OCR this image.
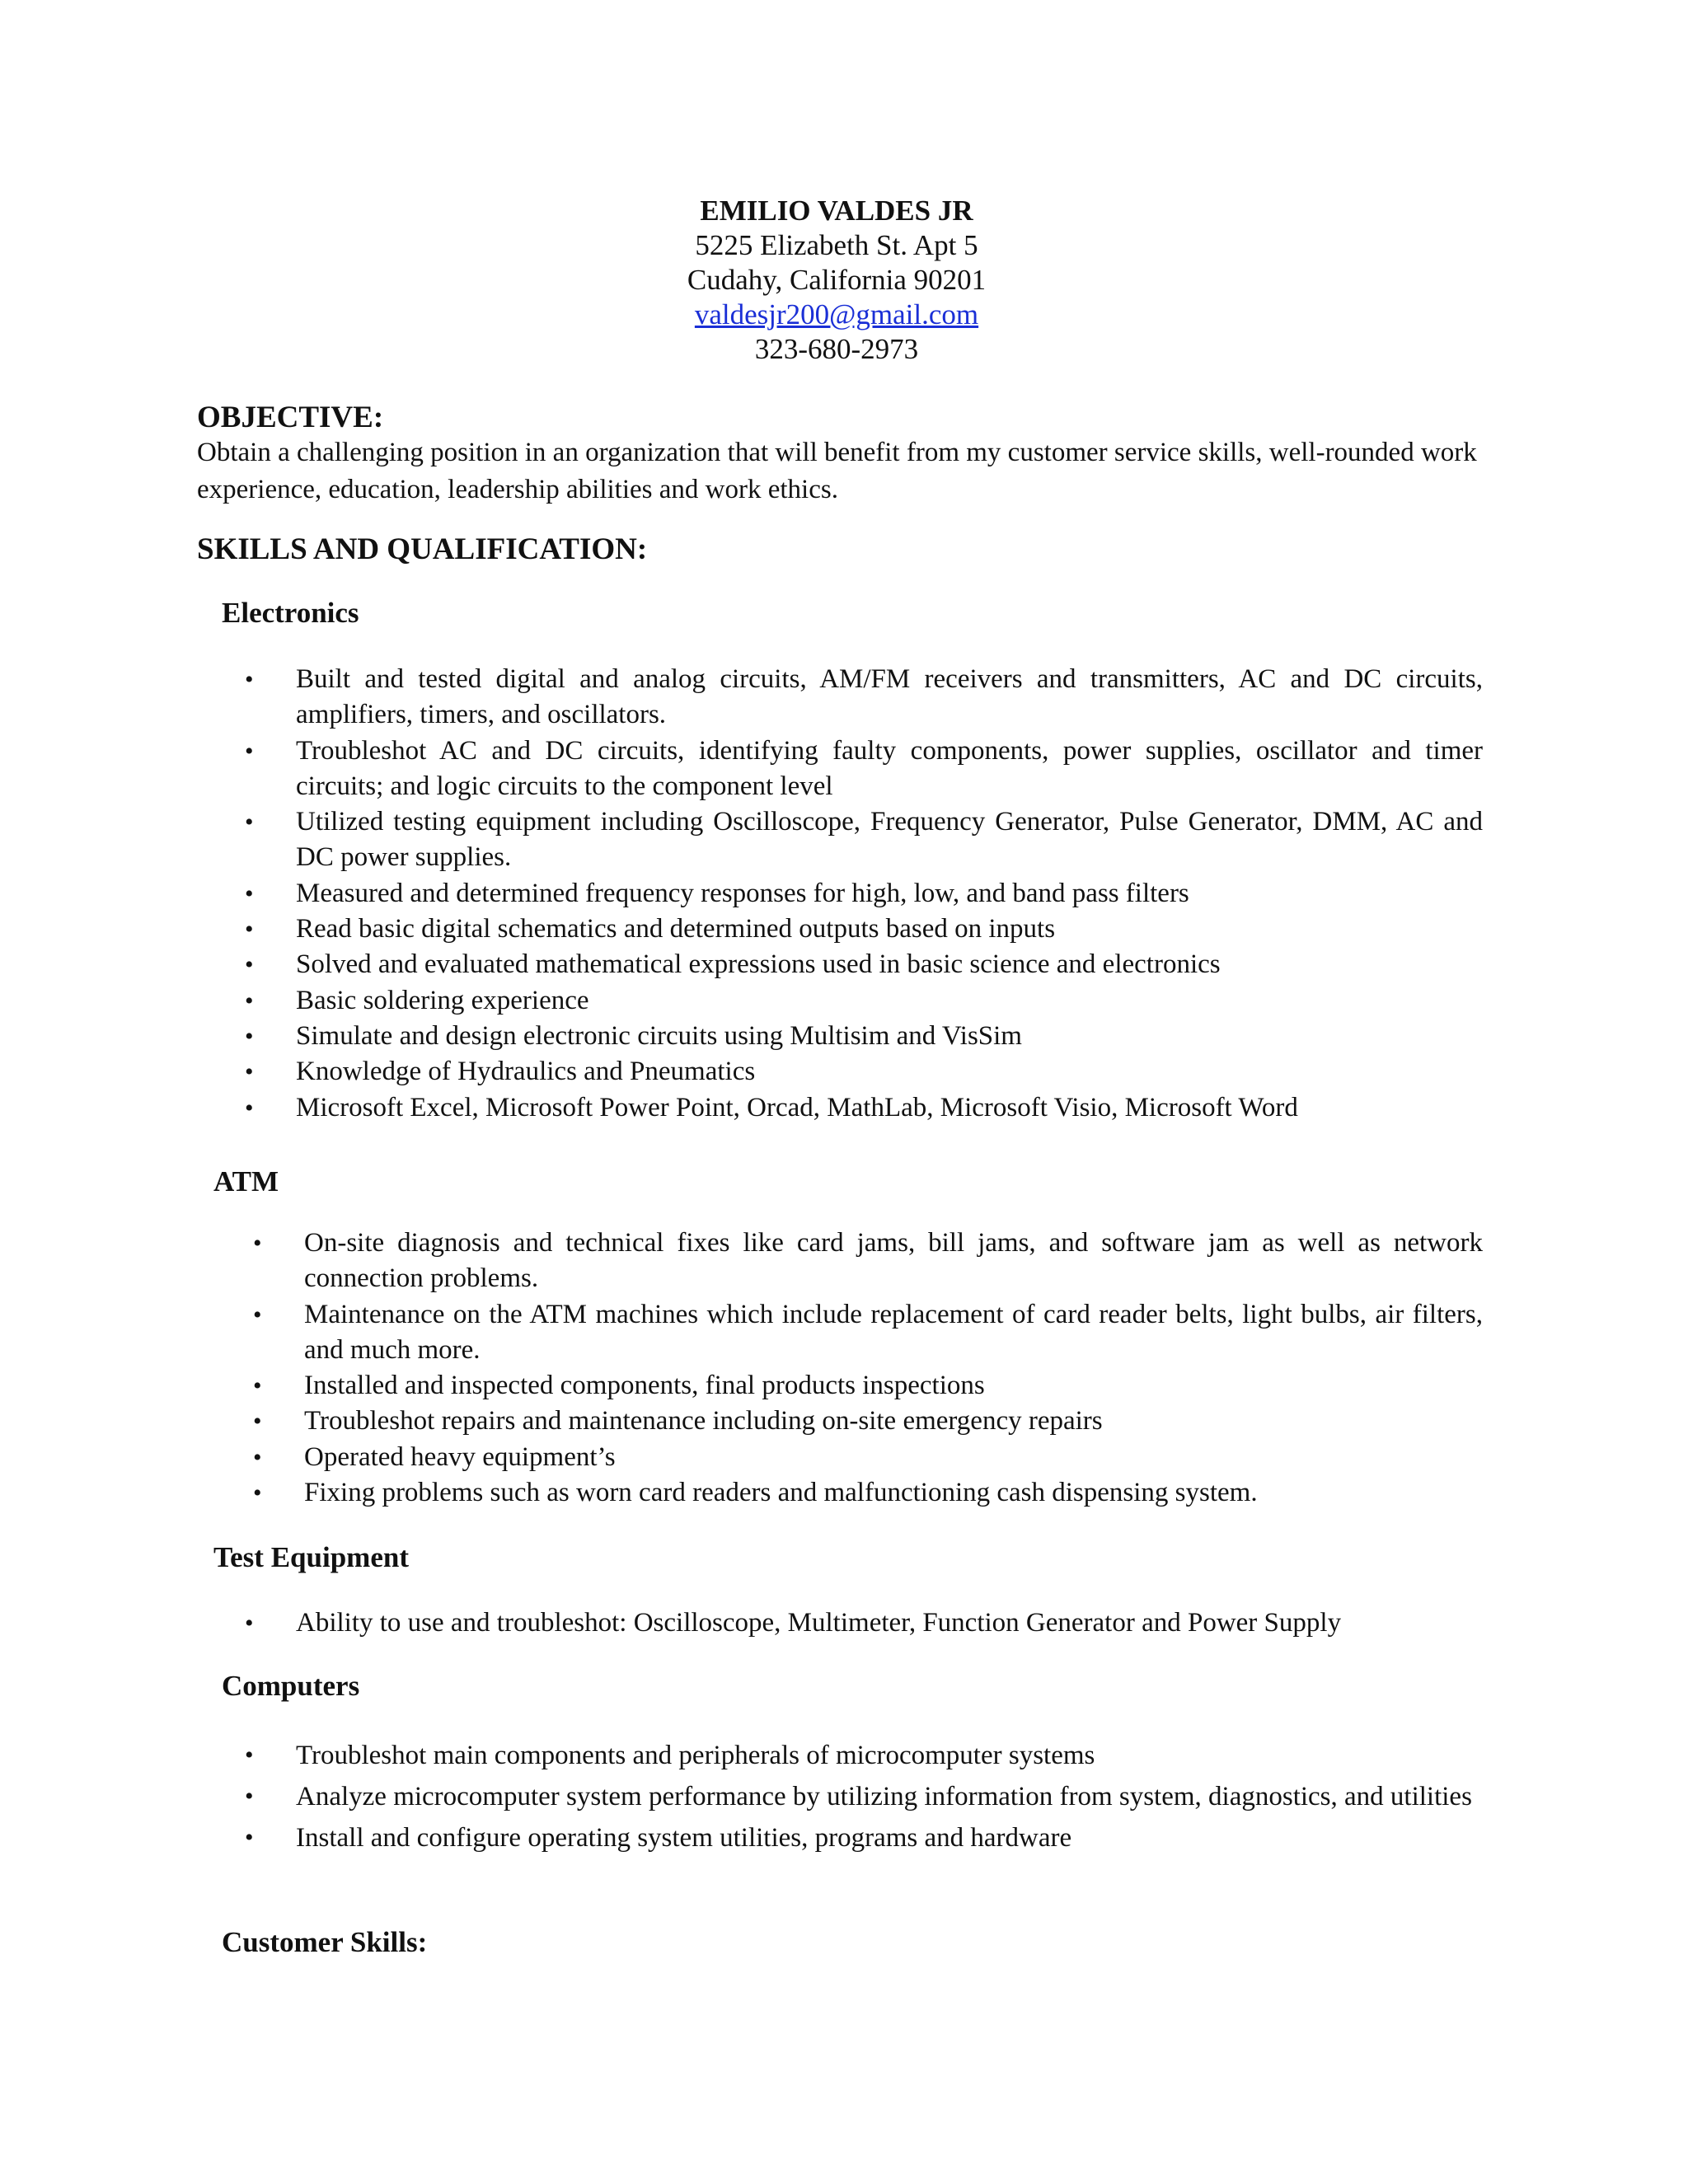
EMILIO VALDES JR
5225 Elizabeth St. Apt 5
Cudahy, California 90201
valdesjr200@gmail.com
323-680-2973
OBJECTIVE:
Obtain a challenging position in an organization that will benefit from my customer service skills, well-rounded work experience, education, leadership abilities and work ethics.
SKILLS AND QUALIFICATION:
Electronics
• Built and tested digital and analog circuits, AM/FM receivers and transmitters, AC and DC circuits, amplifiers, timers, and oscillators.
• Troubleshot AC and DC circuits, identifying faulty components, power supplies, oscillator and timer circuits; and logic circuits to the component level
• Utilized testing equipment including Oscilloscope, Frequency Generator, Pulse Generator, DMM, AC and DC power supplies.
• Measured and determined frequency responses for high, low, and band pass filters
• Read basic digital schematics and determined outputs based on inputs
• Solved and evaluated mathematical expressions used in basic science and electronics
• Basic soldering experience
• Simulate and design electronic circuits using Multisim and VisSim
• Knowledge of Hydraulics and Pneumatics
• Microsoft Excel, Microsoft Power Point, Orcad, MathLab, Microsoft Visio, Microsoft Word
ATM
• On-site diagnosis and technical fixes like card jams, bill jams, and software jam as well as network connection problems.
• Maintenance on the ATM machines which include replacement of card reader belts, light bulbs, air filters, and much more.
• Installed and inspected components, final products inspections
• Troubleshot repairs and maintenance including on-site emergency repairs
• Operated heavy equipment’s
• Fixing problems such as worn card readers and malfunctioning cash dispensing system.
Test Equipment
• Ability to use and troubleshot: Oscilloscope, Multimeter, Function Generator and Power Supply
Computers
• Troubleshot main components and peripherals of microcomputer systems
• Analyze microcomputer system performance by utilizing information from system, diagnostics, and utilities
• Install and configure operating system utilities, programs and hardware
Customer Skills:
